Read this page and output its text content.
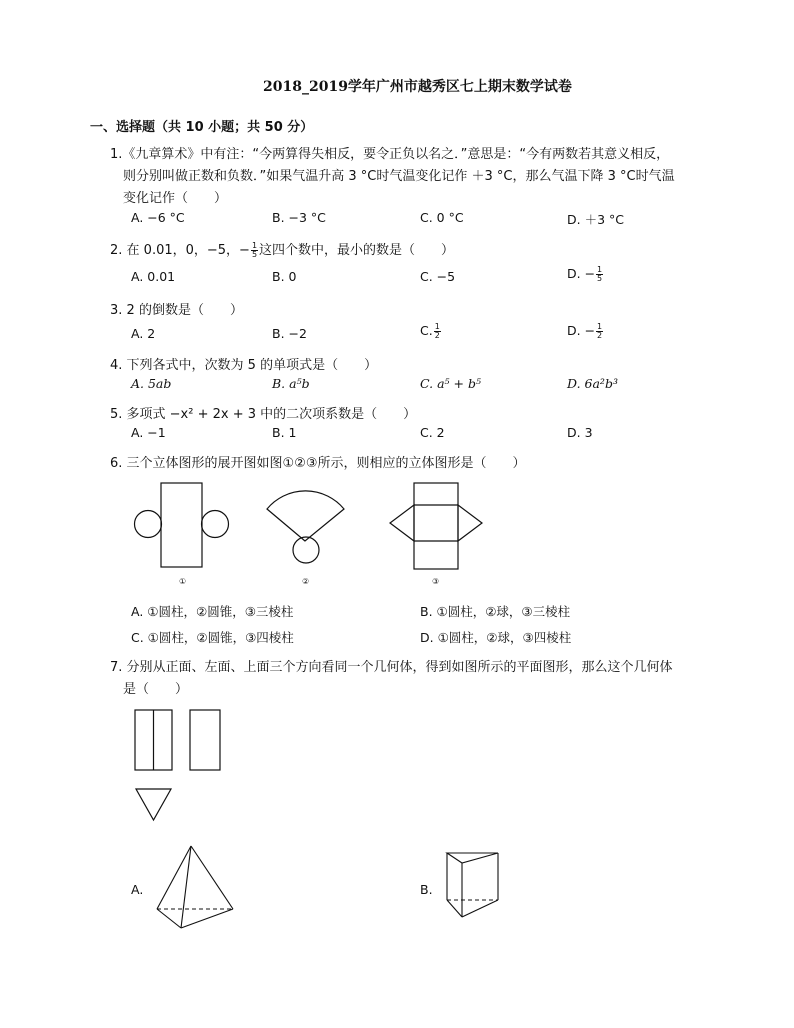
2018_2019学年广州市越秀区七上期末数学试卷
一、选择题（共 10 小题；共 50 分）
1.《九章算术》中有注：“今两算得失相反，要令正负以名之．”意思是：“今有两数若其意义相反，
则分别叫做正数和负数．”如果气温升高 3 °C时气温变化记作 ＋3 °C，那么气温下降 3 °C时气温
变化记作（　　）
A. −6 °C	B. −3 °C	C. 0 °C	D. ＋3 °C
2. 在 0.01，0，−5，− $\frac{1}{5}$ 这四个数中，最小的数是（　　）
A. 0.01	B. 0	C. −5	D. − $\frac{1}{5}$
3. 2 的倒数是（　　）
A. 2	B. −2	C. $\frac{1}{2}$	D. − $\frac{1}{2}$
4. 下列各式中，次数为 5 的单项式是（　　）
A. 5ab	B. a⁵b	C. a⁵ + b⁵	D. 6a²b³
5. 多项式 −x² + 2x + 3 中的二次项系数是（　　）
A. −1	B. 1	C. 2	D. 3
6. 三个立体图形的展开图如图①②③所示，则相应的立体图形是（　　）
①	②	③
A. ①圆柱，②圆锥，③三棱柱	B. ①圆柱，②球，③三棱柱
C. ①圆柱，②圆锥，③四棱柱	D. ①圆柱，②球，③四棱柱
7. 分别从正面、左面、上面三个方向看同一个几何体，得到如图所示的平面图形，那么这个几何体
是（　　）
A.	B.
